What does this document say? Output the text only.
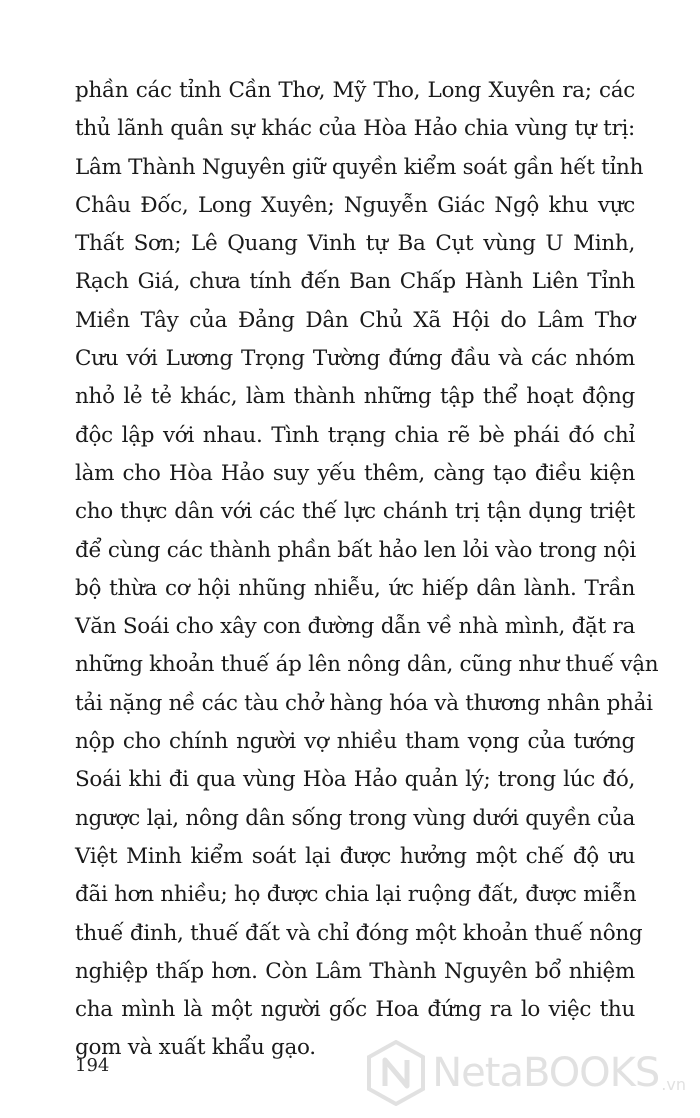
phần các tỉnh Cần Thơ, Mỹ Tho, Long Xuyên ra; các
thủ lãnh quân sự khác của Hòa Hảo chia vùng tự trị:
Lâm Thành Nguyên giữ quyền kiểm soát gần hết tỉnh
Châu Đốc, Long Xuyên; Nguyễn Giác Ngộ khu vực
Thất Sơn; Lê Quang Vinh tự Ba Cụt vùng U Minh,
Rạch Giá, chưa tính đến Ban Chấp Hành Liên Tỉnh
Miền Tây của Đảng Dân Chủ Xã Hội do Lâm Thơ
Cưu với Lương Trọng Tường đứng đầu và các nhóm
nhỏ lẻ tẻ khác, làm thành những tập thể hoạt động
độc lập với nhau. Tình trạng chia rẽ bè phái đó chỉ
làm cho Hòa Hảo suy yếu thêm, càng tạo điều kiện
cho thực dân với các thế lực chánh trị tận dụng triệt
để cùng các thành phần bất hảo len lỏi vào trong nội
bộ thừa cơ hội nhũng nhiễu, ức hiếp dân lành. Trần
Văn Soái cho xây con đường dẫn về nhà mình, đặt ra
những khoản thuế áp lên nông dân, cũng như thuế vận
tải nặng nề các tàu chở hàng hóa và thương nhân phải
nộp cho chính người vợ nhiều tham vọng của tướng
Soái khi đi qua vùng Hòa Hảo quản lý; trong lúc đó,
ngược lại, nông dân sống trong vùng dưới quyền của
Việt Minh kiểm soát lại được hưởng một chế độ ưu
đãi hơn nhiều; họ được chia lại ruộng đất, được miễn
thuế đinh, thuế đất và chỉ đóng một khoản thuế nông
nghiệp thấp hơn. Còn Lâm Thành Nguyên bổ nhiệm
cha mình là một người gốc Hoa đứng ra lo việc thu
gom và xuất khẩu gạo.
194	NetaBOOKS .vn
